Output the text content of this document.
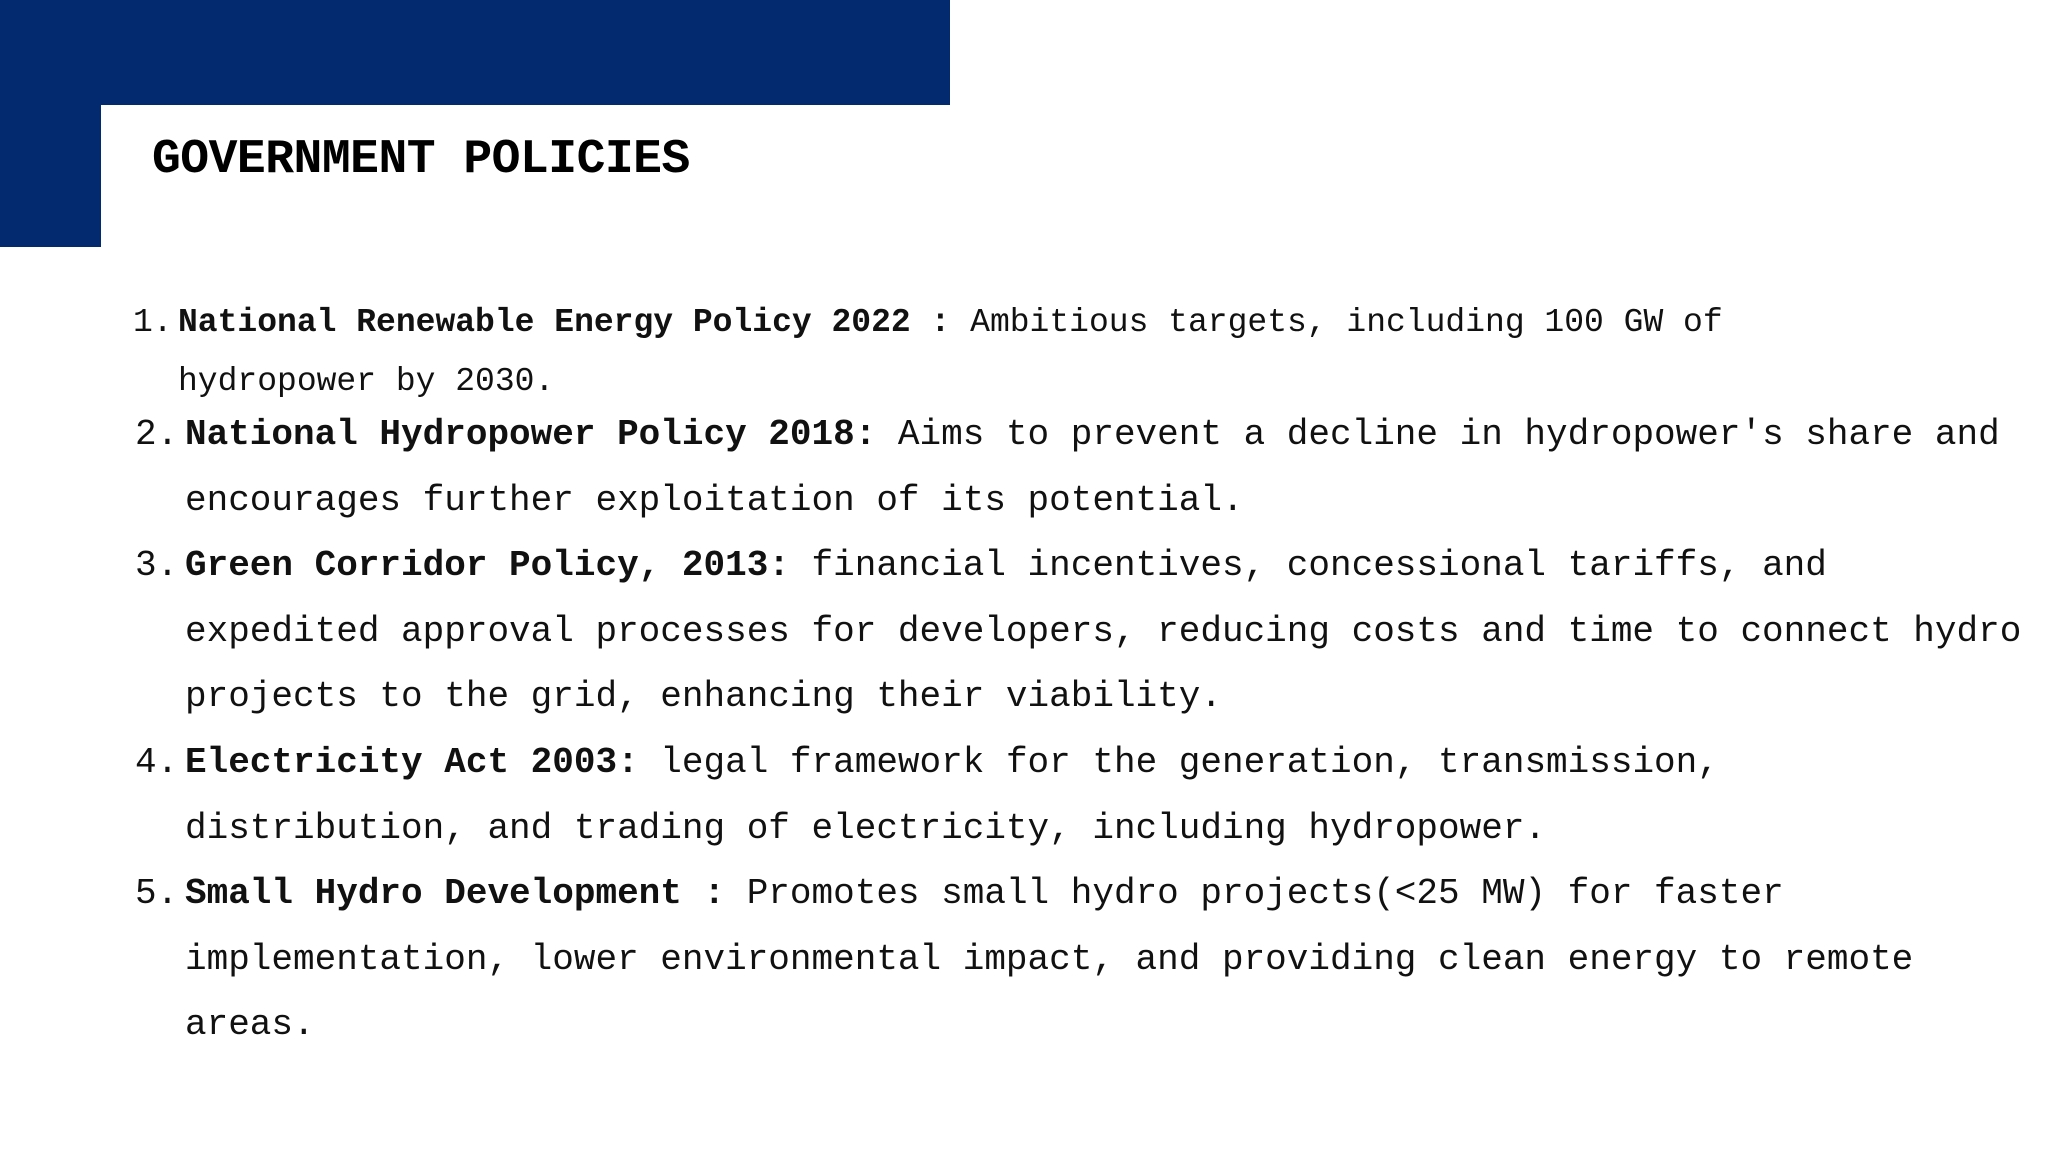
GOVERNMENT POLICIES
1. National Renewable Energy Policy 2022 : Ambitious targets, including 100 GW of hydropower by 2030.

2. National Hydropower Policy 2018: Aims to prevent a decline in hydropower's share and encourages further exploitation of its potential.

3. Green Corridor Policy, 2013: financial incentives, concessional tariffs, and expedited approval processes for developers, reducing costs and time to connect hydro projects to the grid, enhancing their viability.

4. Electricity Act 2003: legal framework for the generation, transmission, distribution, and trading of electricity, including hydropower.

5. Small Hydro Development : Promotes small hydro projects(<25 MW) for faster implementation, lower environmental impact, and providing clean energy to remote areas.
